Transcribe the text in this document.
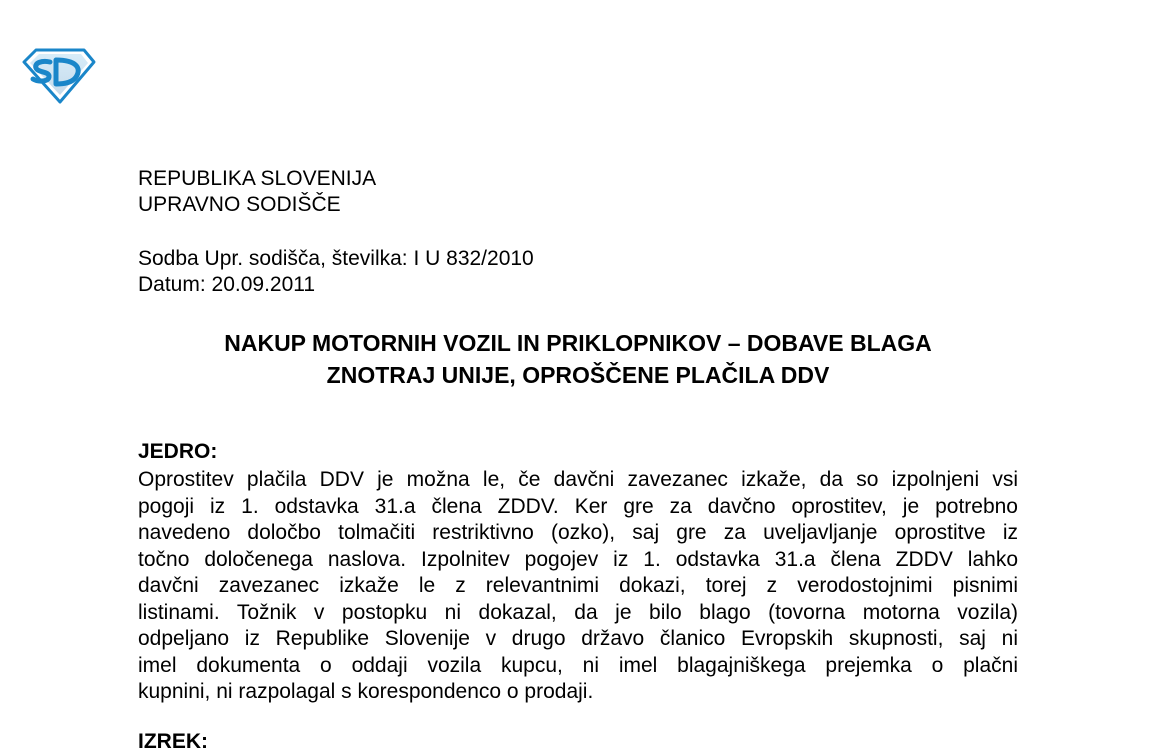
REPUBLIKA SLOVENIJA
UPRAVNO SODIŠČE
Sodba Upr. sodišča, številka: I U 832/2010
Datum: 20.09.2011
NAKUP MOTORNIH VOZIL IN PRIKLOPNIKOV – DOBAVE BLAGA
ZNOTRAJ UNIJE, OPROŠČENE PLAČILA DDV
JEDRO:
Oprostitev plačila DDV je možna le, če davčni zavezanec izkaže, da so izpolnjeni vsi
pogoji iz 1. odstavka 31.a člena ZDDV. Ker gre za davčno oprostitev, je potrebno
navedeno določbo tolmačiti restriktivno (ozko), saj gre za uveljavljanje oprostitve iz
točno določenega naslova. Izpolnitev pogojev iz 1. odstavka 31.a člena ZDDV lahko
davčni zavezanec izkaže le z relevantnimi dokazi, torej z verodostojnimi pisnimi
listinami. Tožnik v postopku ni dokazal, da je bilo blago (tovorna motorna vozila)
odpeljano iz Republike Slovenije v drugo državo članico Evropskih skupnosti, saj ni
imel dokumenta o oddaji vozila kupcu, ni imel blagajniškega prejemka o plačni
kupnini, ni razpolagal s korespondenco o prodaji.
IZREK:
